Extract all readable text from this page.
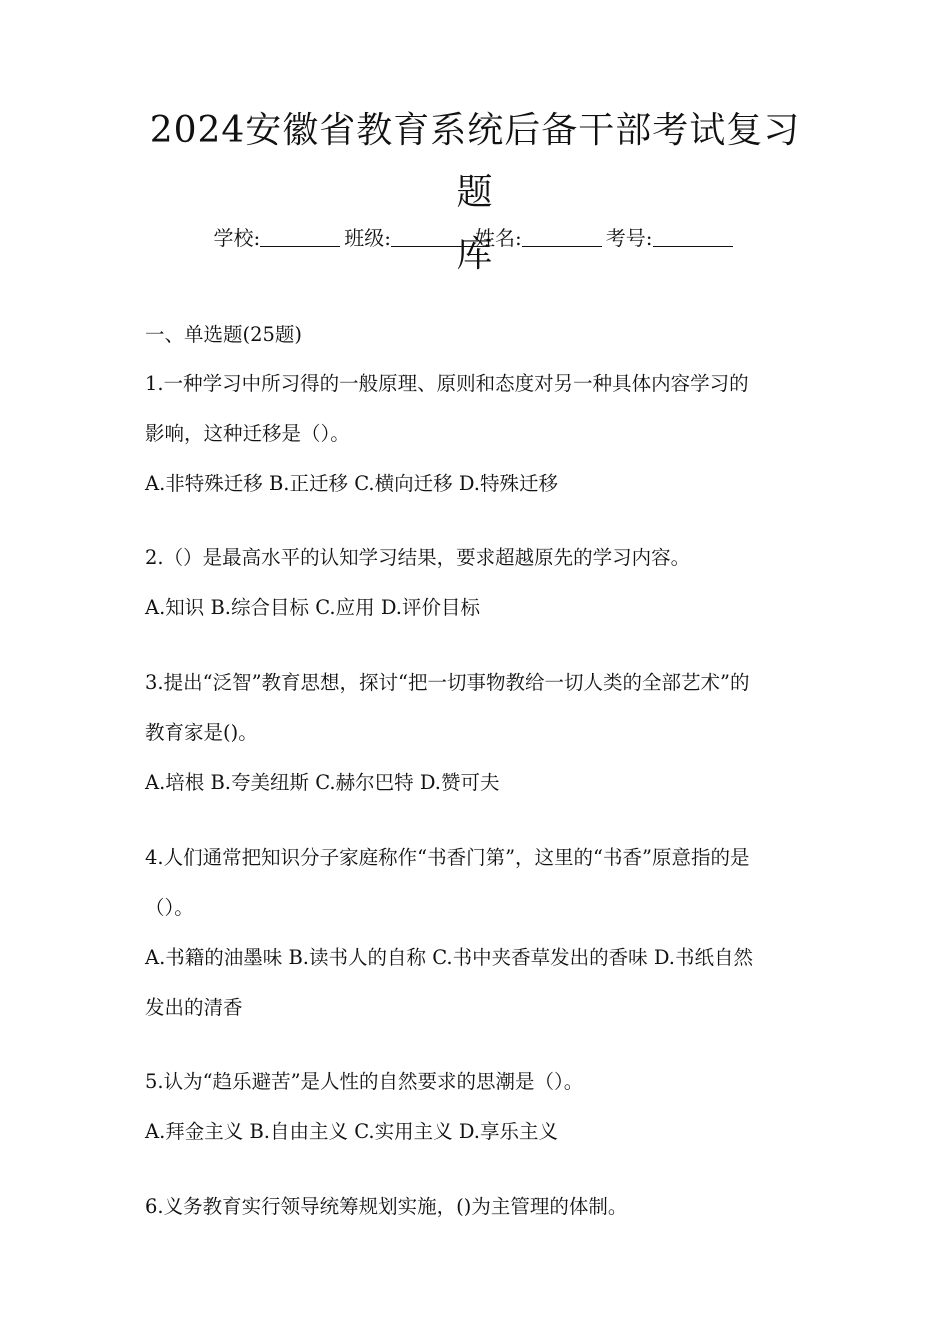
2024安徽省教育系统后备干部考试复习题
库
学校:	班级:	姓名:	考号:
一、单选题(25题)
1.一种学习中所习得的一般原理、原则和态度对另一种具体内容学习的
影响，这种迁移是（）。
A.非特殊迁移 B.正迁移 C.横向迁移 D.特殊迁移
2.（）是最高水平的认知学习结果，要求超越原先的学习内容。
A.知识 B.综合目标 C.应用 D.评价目标
3.提出“泛智”教育思想，探讨“把一切事物教给一切人类的全部艺术”的
教育家是()。
A.培根 B.夸美纽斯 C.赫尔巴特 D.赞可夫
4.人们通常把知识分子家庭称作“书香门第”，这里的“书香”原意指的是
（）。
A.书籍的油墨味 B.读书人的自称 C.书中夹香草发出的香味 D.书纸自然
发出的清香
5.认为“趋乐避苦”是人性的自然要求的思潮是（）。
A.拜金主义 B.自由主义 C.实用主义 D.享乐主义
6.义务教育实行领导统筹规划实施，()为主管理的体制。
